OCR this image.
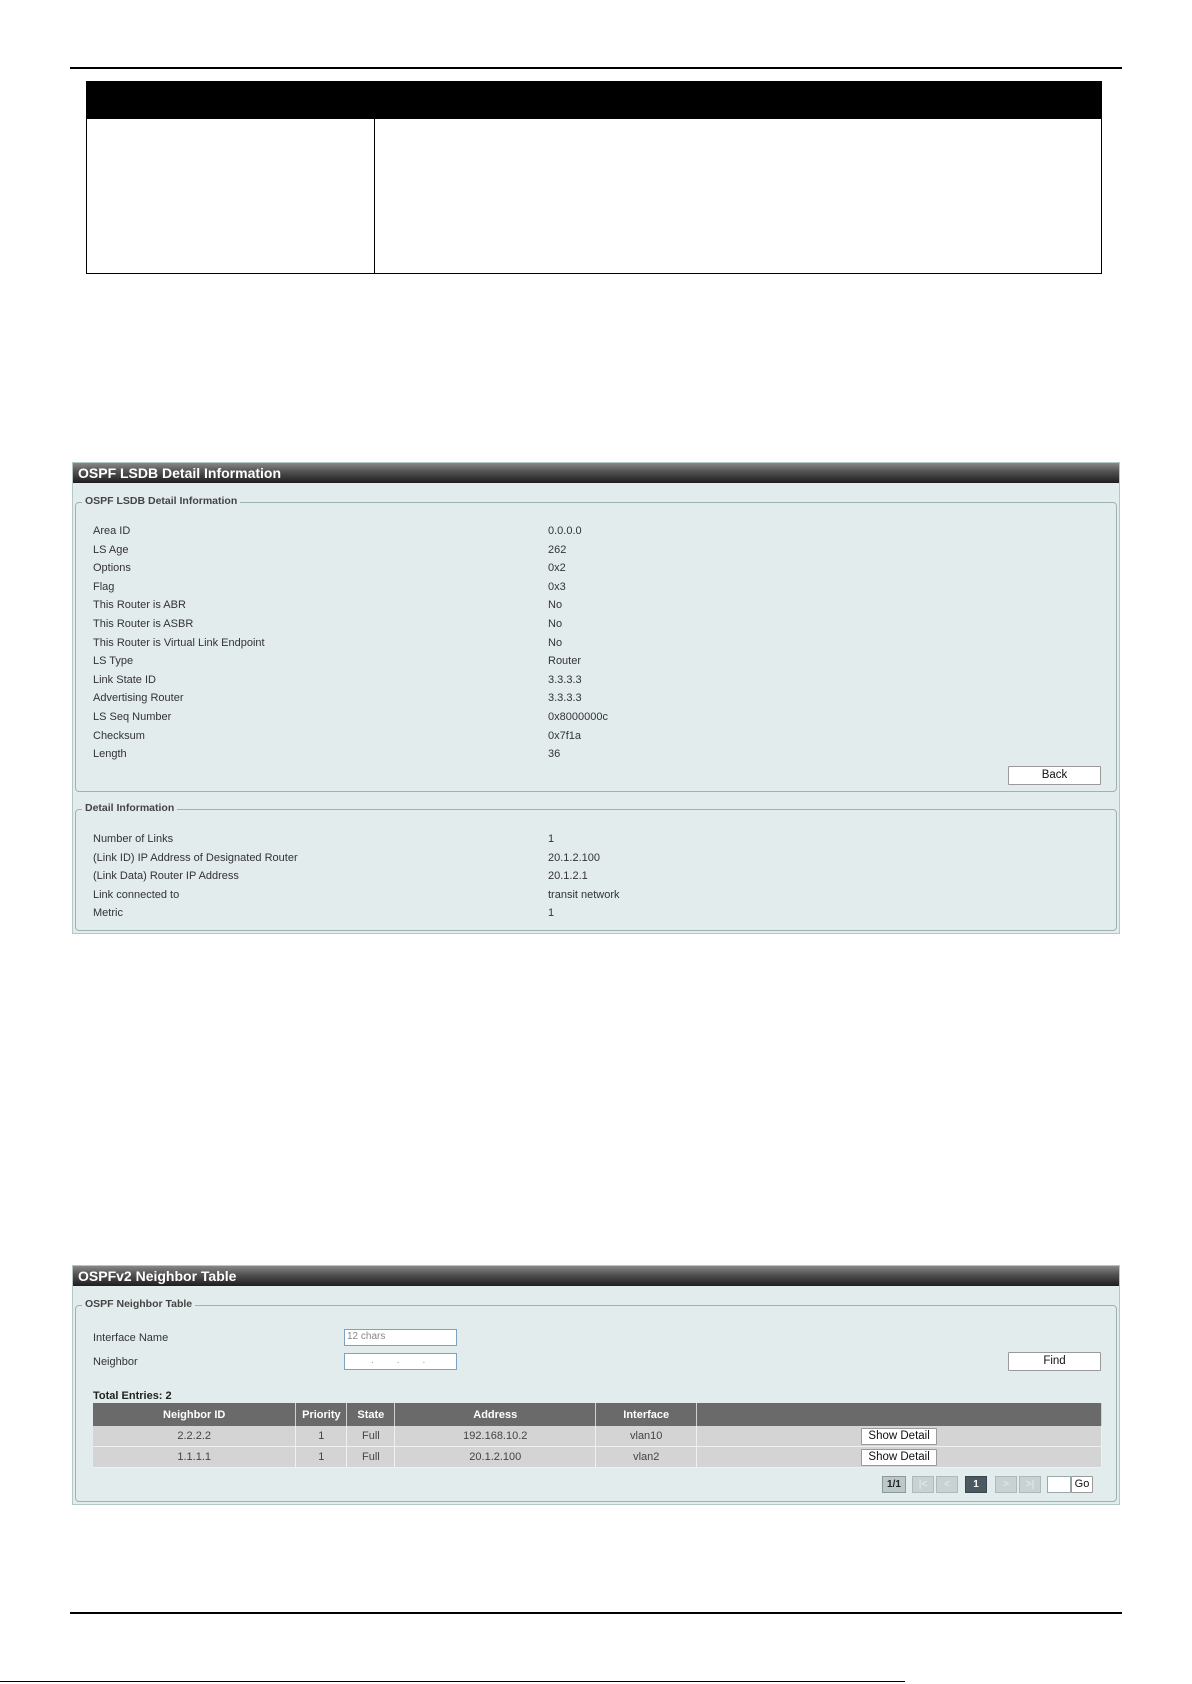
OSPF LSDB Detail Information
OSPF LSDB Detail Information
Area ID	0.0.0.0
LS Age	262
Options	0x2
Flag	0x3
This Router is ABR	No
This Router is ASBR	No
This Router is Virtual Link Endpoint	No
LS Type	Router
Link State ID	3.3.3.3
Advertising Router	3.3.3.3
LS Seq Number	0x8000000c
Checksum	0x7f1a
Length	36
Back
Detail Information
Number of Links	1
(Link ID) IP Address of Designated Router	20.1.2.100
(Link Data) Router IP Address	20.1.2.1
Link connected to	transit network
Metric	1
OSPFv2 Neighbor Table
OSPF Neighbor Table
Interface Name	12 chars
Neighbor	...	Find
Total Entries: 2
Neighbor ID	Priority	State	Address	Interface	
2.2.2.2	1	Full	192.168.10.2	vlan10	Show Detail
1.1.1.1	1	Full	20.1.2.100	vlan2	Show Detail
1/1	|<	<	1	>	>|	Go
